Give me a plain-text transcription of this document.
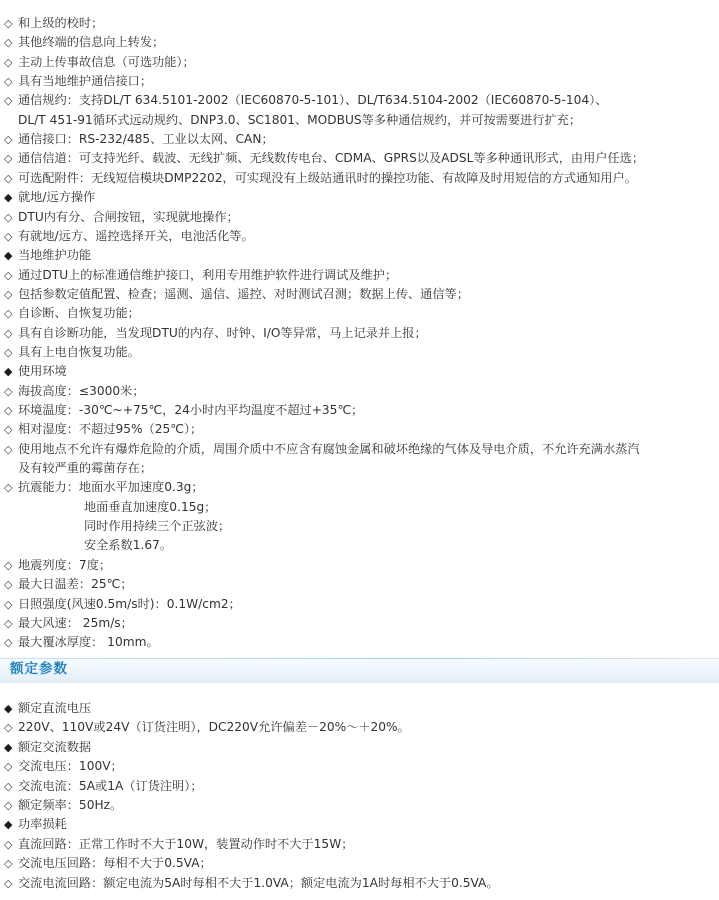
◇ 和上级的校时；
◇ 其他终端的信息向上转发；
◇ 主动上传事故信息（可选功能）；
◇ 具有当地维护通信接口；
◇ 通信规约：支持DL/T 634.5101-2002（IEC60870-5-101）、DL/T634.5104-2002（IEC60870-5-104）、
DL/T 451-91循环式远动规约、DNP3.0、SC1801、MODBUS等多种通信规约，并可按需要进行扩充；
◇ 通信接口：RS-232/485、工业以太网、CAN；
◇ 通信信道：可支持光纤、载波、无线扩频、无线数传电台、CDMA、GPRS以及ADSL等多种通讯形式，由用户任选；
◇ 可选配附件：无线短信模块DMP2202，可实现没有上级站通讯时的操控功能、有故障及时用短信的方式通知用户。
◆ 就地/远方操作
◇ DTU内有分、合闸按钮，实现就地操作；
◇ 有就地/远方、遥控选择开关，电池活化等。
◆ 当地维护功能
◇ 通过DTU上的标准通信维护接口，利用专用维护软件进行调试及维护；
◇ 包括参数定值配置、检查；遥测、遥信、遥控、对时测试召测；数据上传、通信等；
◇ 自诊断、自恢复功能；
◇ 具有自诊断功能，当发现DTU的内存、时钟、I/O等异常，马上记录并上报；
◇ 具有上电自恢复功能。
◆ 使用环境
◇ 海拔高度：≤3000米；
◇ 环境温度：-30℃~+75℃，24小时内平均温度不超过+35℃；
◇ 相对湿度：不超过95%（25℃）；
◇ 使用地点不允许有爆炸危险的介质，周围介质中不应含有腐蚀金属和破坏绝缘的气体及导电介质，不允许充满水蒸汽
及有较严重的霉菌存在；
◇ 抗震能力：地面水平加速度0.3g；
地面垂直加速度0.15g；
同时作用持续三个正弦波；
安全系数1.67。
◇ 地震列度：7度；
◇ 最大日温差：25℃；
◇ 日照强度(风速0.5m/s时)：0.1W/cm2；
◇ 最大风速： 25m/s；
◇ 最大覆冰厚度： 10mm。
额定参数
◆ 额定直流电压
◇ 220V、110V或24V（订货注明），DC220V允许偏差－20%～＋20%。
◆ 额定交流数据
◇ 交流电压：100V；
◇ 交流电流：5A或1A（订货注明）；
◇ 额定频率：50Hz。
◆ 功率损耗
◇ 直流回路：正常工作时不大于10W，装置动作时不大于15W；
◇ 交流电压回路：每相不大于0.5VA；
◇ 交流电流回路：额定电流为5A时每相不大于1.0VA；额定电流为1A时每相不大于0.5VA。
